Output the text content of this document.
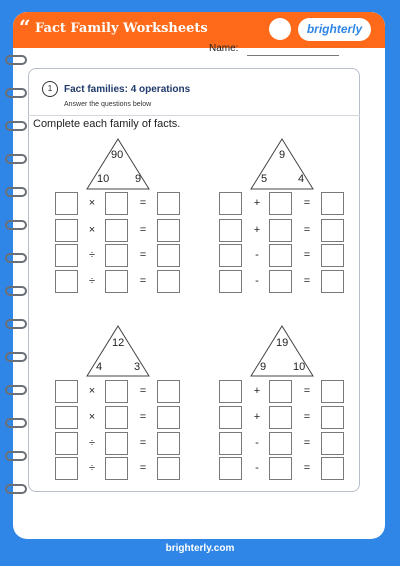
“ Fact Family Worksheets	brighterly
Name:
1	Fact families: 4 operations
Answer the questions below
Complete each family of facts.
90
10 9
×	=
×	=
÷	=
÷	=
9
5	4
+	=
+	=
-	=
-	=
12
4	3
×	=
×	=
÷	=
÷	=
19
9 10
+	=
+	=
-	=
-	=
brighterly.com
